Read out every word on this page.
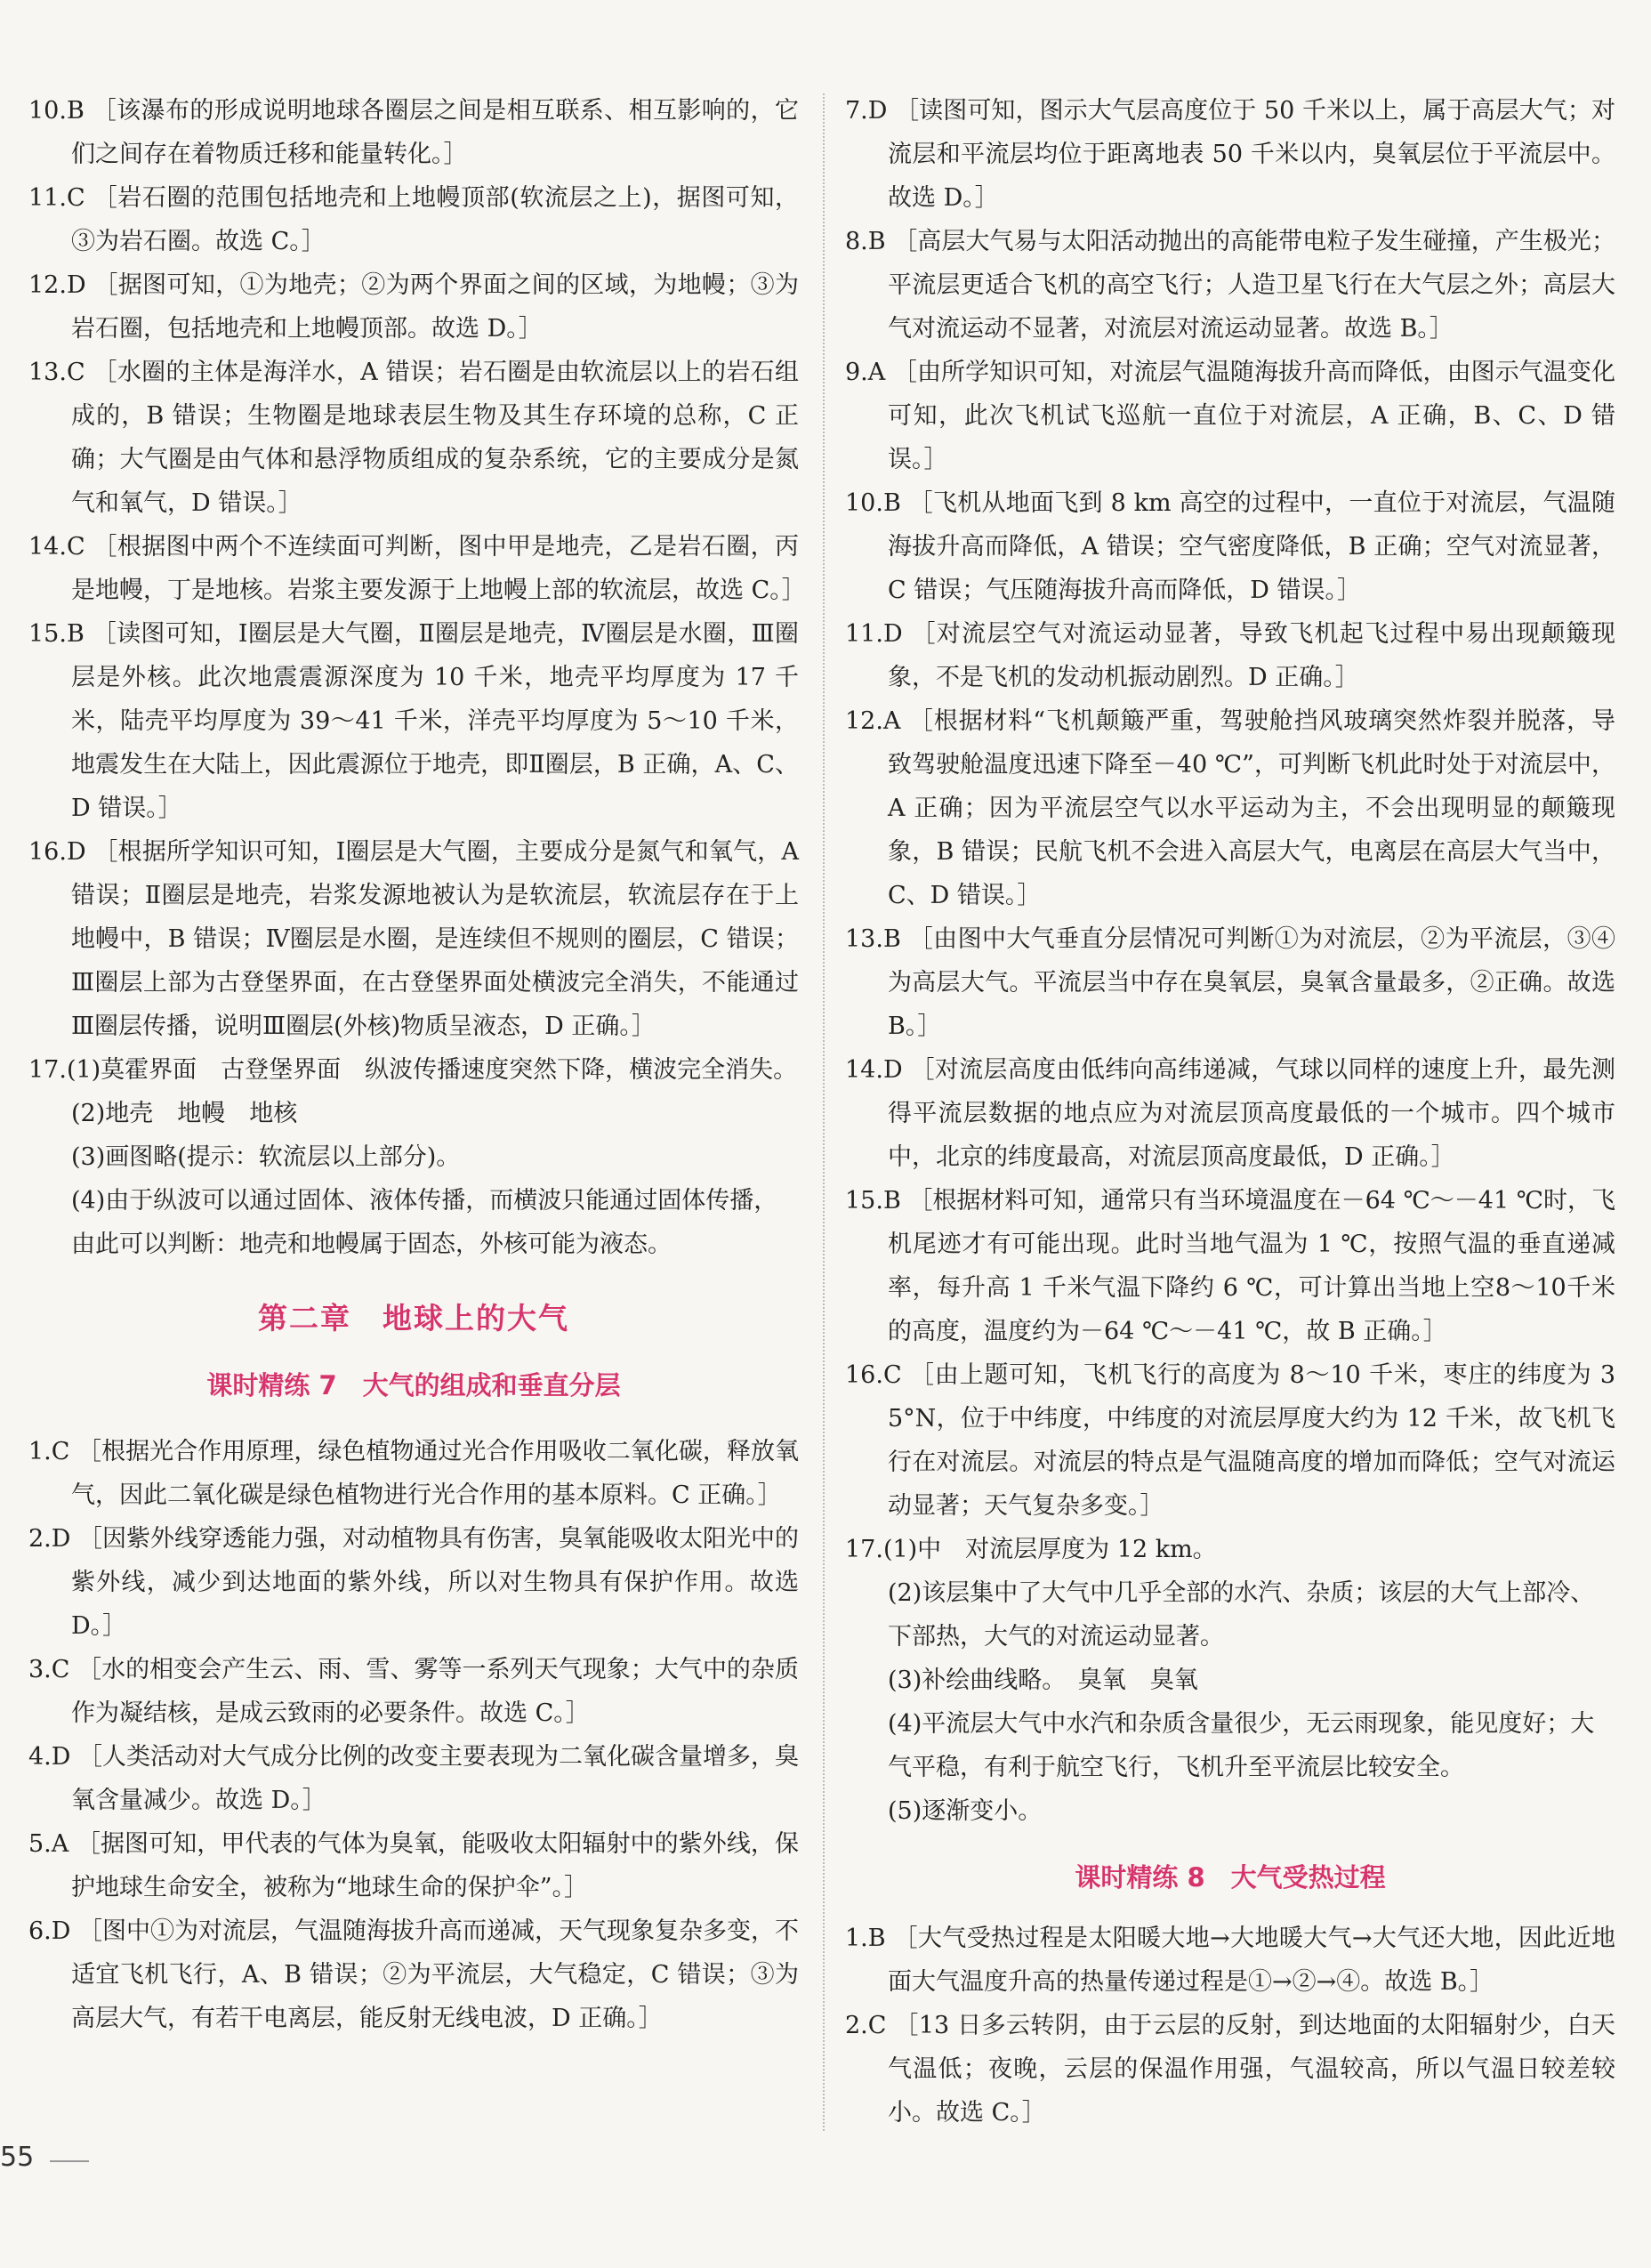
10.B ［该瀑布的形成说明地球各圈层之间是相互联系、相互影响的，它们之间存在着物质迁移和能量转化。］

11.C ［岩石圈的范围包括地壳和上地幔顶部(软流层之上)，据图可知，③为岩石圈。故选 C。］

12.D ［据图可知，①为地壳；②为两个界面之间的区域，为地幔；③为岩石圈，包括地壳和上地幔顶部。故选 D。］

13.C ［水圈的主体是海洋水，A 错误；岩石圈是由软流层以上的岩石组成的，B 错误；生物圈是地球表层生物及其生存环境的总称，C 正确；大气圈是由气体和悬浮物质组成的复杂系统，它的主要成分是氮气和氧气，D 错误。］

14.C ［根据图中两个不连续面可判断，图中甲是地壳，乙是岩石圈，丙是地幔，丁是地核。岩浆主要发源于上地幔上部的软流层，故选 C。］

15.B ［读图可知，Ⅰ圈层是大气圈，Ⅱ圈层是地壳，Ⅳ圈层是水圈，Ⅲ圈层是外核。此次地震震源深度为 10 千米，地壳平均厚度为 17 千米，陆壳平均厚度为 39～41 千米，洋壳平均厚度为 5～10 千米，地震发生在大陆上，因此震源位于地壳，即Ⅱ圈层，B 正确，A、C、D 错误。］

16.D ［根据所学知识可知，Ⅰ圈层是大气圈，主要成分是氮气和氧气，A 错误；Ⅱ圈层是地壳，岩浆发源地被认为是软流层，软流层存在于上地幔中，B 错误；Ⅳ圈层是水圈，是连续但不规则的圈层，C 错误；Ⅲ圈层上部为古登堡界面，在古登堡界面处横波完全消失，不能通过Ⅲ圈层传播，说明Ⅲ圈层(外核)物质呈液态，D 正确。］

17.(1)莫霍界面　古登堡界面　纵波传播速度突然下降，横波完全消失。

(2)地壳　地幔　地核

(3)画图略(提示：软流层以上部分)。

(4)由于纵波可以通过固体、液体传播，而横波只能通过固体传播，由此可以判断：地壳和地幔属于固态，外核可能为液态。

第二章　地球上的大气
课时精练 7　大气的组成和垂直分层

1.C ［根据光合作用原理，绿色植物通过光合作用吸收二氧化碳，释放氧气，因此二氧化碳是绿色植物进行光合作用的基本原料。C 正确。］

2.D ［因紫外线穿透能力强，对动植物具有伤害，臭氧能吸收太阳光中的紫外线，减少到达地面的紫外线，所以对生物具有保护作用。故选 D。］

3.C ［水的相变会产生云、雨、雪、雾等一系列天气现象；大气中的杂质作为凝结核，是成云致雨的必要条件。故选 C。］

4.D ［人类活动对大气成分比例的改变主要表现为二氧化碳含量增多，臭氧含量减少。故选 D。］

5.A ［据图可知，甲代表的气体为臭氧，能吸收太阳辐射中的紫外线，保护地球生命安全，被称为“地球生命的保护伞”。］

6.D ［图中①为对流层，气温随海拔升高而递减，天气现象复杂多变，不适宜飞机飞行，A、B 错误；②为平流层，大气稳定，C 错误；③为高层大气，有若干电离层，能反射无线电波，D 正确。］

7.D ［读图可知，图示大气层高度位于 50 千米以上，属于高层大气；对流层和平流层均位于距离地表 50 千米以内，臭氧层位于平流层中。故选 D。］

8.B ［高层大气易与太阳活动抛出的高能带电粒子发生碰撞，产生极光；平流层更适合飞机的高空飞行；人造卫星飞行在大气层之外；高层大气对流运动不显著，对流层对流运动显著。故选 B。］

9.A ［由所学知识可知，对流层气温随海拔升高而降低，由图示气温变化可知，此次飞机试飞巡航一直位于对流层，A 正确，B、C、D 错误。］

10.B ［飞机从地面飞到 8 km 高空的过程中，一直位于对流层，气温随海拔升高而降低，A 错误；空气密度降低，B 正确；空气对流显著，C 错误；气压随海拔升高而降低，D 错误。］

11.D ［对流层空气对流运动显著，导致飞机起飞过程中易出现颠簸现象，不是飞机的发动机振动剧烈。D 正确。］

12.A ［根据材料“飞机颠簸严重，驾驶舱挡风玻璃突然炸裂并脱落，导致驾驶舱温度迅速下降至－40 ℃”，可判断飞机此时处于对流层中，A 正确；因为平流层空气以水平运动为主，不会出现明显的颠簸现象，B 错误；民航飞机不会进入高层大气，电离层在高层大气当中，C、D 错误。］

13.B ［由图中大气垂直分层情况可判断①为对流层，②为平流层，③④为高层大气。平流层当中存在臭氧层，臭氧含量最多，②正确。故选 B。］

14.D ［对流层高度由低纬向高纬递减，气球以同样的速度上升，最先测得平流层数据的地点应为对流层顶高度最低的一个城市。四个城市中，北京的纬度最高，对流层顶高度最低，D 正确。］

15.B ［根据材料可知，通常只有当环境温度在－64 ℃～－41 ℃时，飞机尾迹才有可能出现。此时当地气温为 1 ℃，按照气温的垂直递减率，每升高 1 千米气温下降约 6 ℃，可计算出当地上空8～10千米的高度，温度约为－64 ℃～－41 ℃，故 B 正确。］

16.C ［由上题可知，飞机飞行的高度为 8～10 千米，枣庄的纬度为 35°N，位于中纬度，中纬度的对流层厚度大约为 12 千米，故飞机飞行在对流层。对流层的特点是气温随高度的增加而降低；空气对流运动显著；天气复杂多变。］

17.(1)中　对流层厚度为 12 km。

(2)该层集中了大气中几乎全部的水汽、杂质；该层的大气上部冷、下部热，大气的对流运动显著。

(3)补绘曲线略。　臭氧　臭氧

(4)平流层大气中水汽和杂质含量很少，无云雨现象，能见度好；大气平稳，有利于航空飞行，飞机升至平流层比较安全。

(5)逐渐变小。

课时精练 8　大气受热过程

1.B ［大气受热过程是太阳暖大地→大地暖大气→大气还大地，因此近地面大气温度升高的热量传递过程是①→②→④。故选 B。］

2.C ［13 日多云转阴，由于云层的反射，到达地面的太阳辐射少，白天气温低；夜晚，云层的保温作用强，气温较高，所以气温日较差较小。故选 C。］

55
